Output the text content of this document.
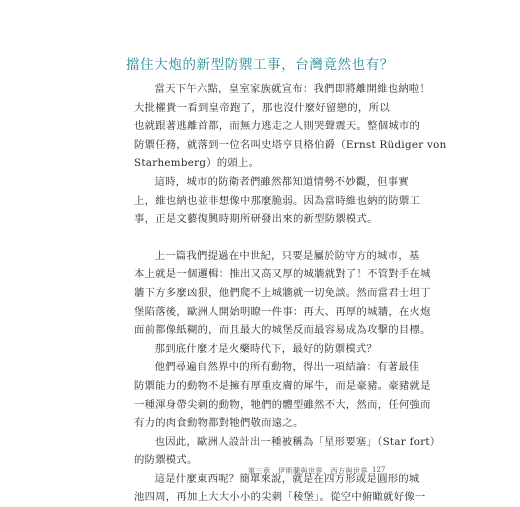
擋住大炮的新型防禦工事，台灣竟然也有？
當天下午六點，皇室家族就宣布：我們即將離開維也納啦！
大批權貴一看到皇帝跑了，那也沒什麼好留戀的，所以
也就跟著逃離首都，而無力逃走之人則哭聲震天。整個城市的
防禦任務，就落到一位名叫史塔亨貝格伯爵（Ernst Rüdiger von
Starhemberg）的頭上。
這時，城市的防衛者們雖然都知道情勢不妙觀，但事實
上，維也納也並非想像中那麼脆弱。因為當時維也納的防禦工
事，正是文藝復興時期所研發出來的新型防禦模式。
上一篇我們提過在中世紀，只要是屬於防守方的城市，基
本上就是一個邏輯：推出又高又厚的城牆就對了！不管對手在城
牆下方多麼凶狠，他們爬不上城牆就一切免談。然而當君士坦丁
堡陷落後，歐洲人開始明瞭一件事：再大、再厚的城牆，在火炮
面前都像紙糊的，而且最大的城堡反而最容易成為攻擊的目標。
那到底什麼才是火藥時代下，最好的防禦模式？
他們尋遍自然界中的所有動物，得出一項結論：有著最佳
防禦能力的動物不是擁有厚重皮膚的犀牛，而是豪豬。豪豬就是
一種渾身帶尖刺的動物，牠們的體型雖然不大，然而，任何強而
有力的肉食動物都對牠們敬而遠之。
也因此，歐洲人設計出一種被稱為「星形要塞」（Star fort）
的防禦模式。
這是什麼東西呢？簡單來說，就是在四方形或是圓形的城
池四周，再加上大大小小的尖刺「稜堡」。從空中俯瞰就好像一
第三章　伊斯蘭與世界，西方與世界 127
